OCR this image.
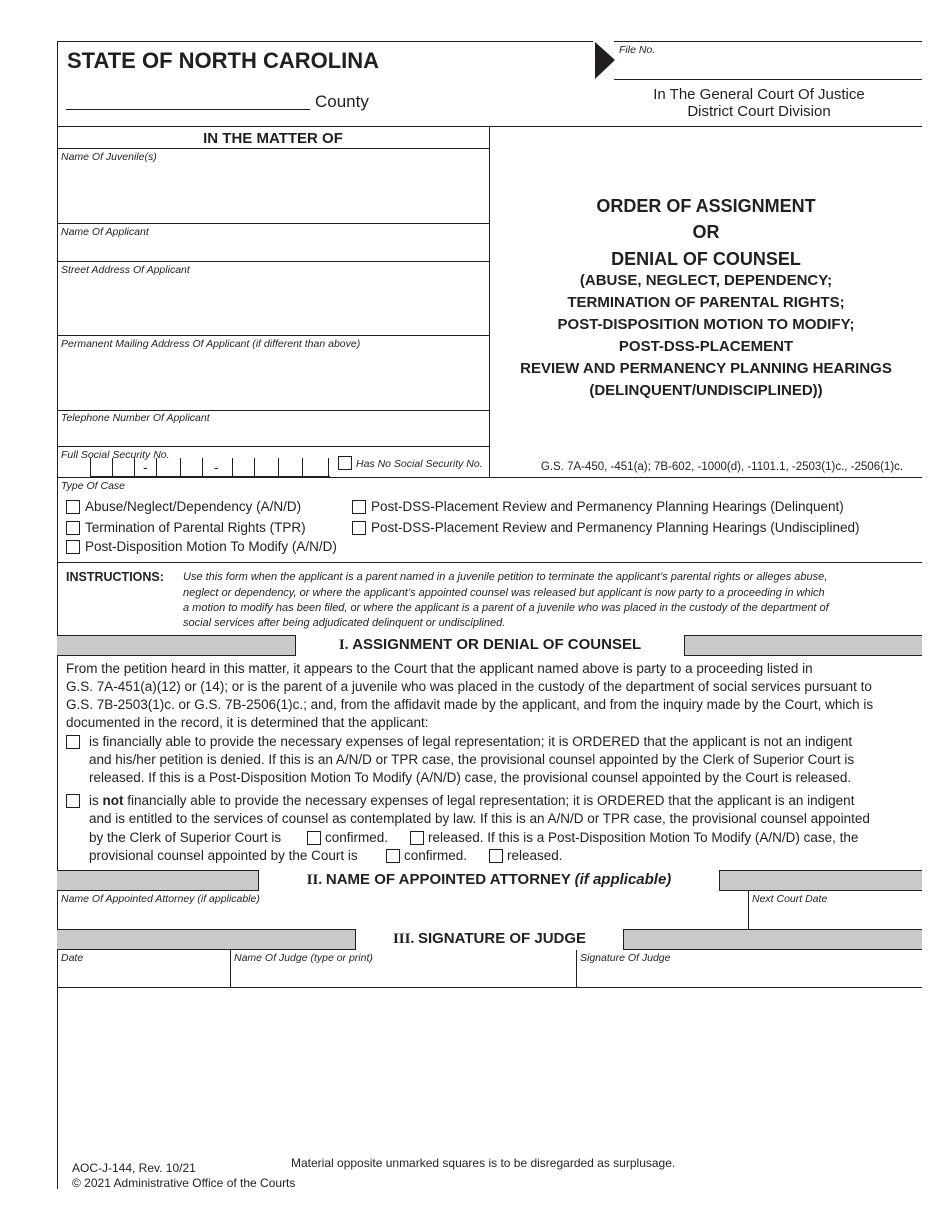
STATE OF NORTH CAROLINA
County
File No.
In The General Court Of Justice
District Court Division
IN THE MATTER OF
Name Of Juvenile(s)
Name Of Applicant
Street Address Of Applicant
Permanent Mailing Address Of Applicant (if different than above)
Telephone Number Of Applicant
Full Social Security No.
-	-	Has No Social Security No.
ORDER OF ASSIGNMENT
OR
DENIAL OF COUNSEL
(ABUSE, NEGLECT, DEPENDENCY;
TERMINATION OF PARENTAL RIGHTS;
POST-DISPOSITION MOTION TO MODIFY;
POST-DSS-PLACEMENT
REVIEW AND PERMANENCY PLANNING HEARINGS
(DELINQUENT/UNDISCIPLINED))
G.S. 7A-450, -451(a); 7B-602, -1000(d), -1101.1, -2503(1)c., -2506(1)c.
Type Of Case
Abuse/Neglect/Dependency (A/N/D)
Termination of Parental Rights (TPR)
Post-Disposition Motion To Modify (A/N/D)
Post-DSS-Placement Review and Permanency Planning Hearings (Delinquent)
Post-DSS-Placement Review and Permanency Planning Hearings (Undisciplined)
INSTRUCTIONS: Use this form when the applicant is a parent named in a juvenile petition to terminate the applicant’s parental rights or alleges abuse,
neglect or dependency, or where the applicant’s appointed counsel was released but applicant is now party to a proceeding in which
a motion to modify has been filed, or where the applicant is a parent of a juvenile who was placed in the custody of the department of
social services after being adjudicated delinquent or undisciplined.
I. ASSIGNMENT OR DENIAL OF COUNSEL
From the petition heard in this matter, it appears to the Court that the applicant named above is party to a proceeding listed in
G.S. 7A-451(a)(12) or (14); or is the parent of a juvenile who was placed in the custody of the department of social services pursuant to
G.S. 7B-2503(1)c. or G.S. 7B-2506(1)c.; and, from the affidavit made by the applicant, and from the inquiry made by the Court, which is
documented in the record, it is determined that the applicant:
is financially able to provide the necessary expenses of legal representation; it is ORDERED that the applicant is not an indigent
and his/her petition is denied. If this is an A/N/D or TPR case, the provisional counsel appointed by the Clerk of Superior Court is
released. If this is a Post-Disposition Motion To Modify (A/N/D) case, the provisional counsel appointed by the Court is released.
is not financially able to provide the necessary expenses of legal representation; it is ORDERED that the applicant is an indigent
and is entitled to the services of counsel as contemplated by law. If this is an A/N/D or TPR case, the provisional counsel appointed
by the Clerk of Superior Court is	confirmed.	released. If this is a Post-Disposition Motion To Modify (A/N/D) case, the
provisional counsel appointed by the Court is	confirmed.	released.
II. NAME OF APPOINTED ATTORNEY (if applicable)
Name Of Appointed Attorney (if applicable)	Next Court Date
III. SIGNATURE OF JUDGE
Date	Name Of Judge (type or print)	Signature Of Judge
Material opposite unmarked squares is to be disregarded as surplusage.
AOC-J-144, Rev. 10/21
© 2021 Administrative Office of the Courts
